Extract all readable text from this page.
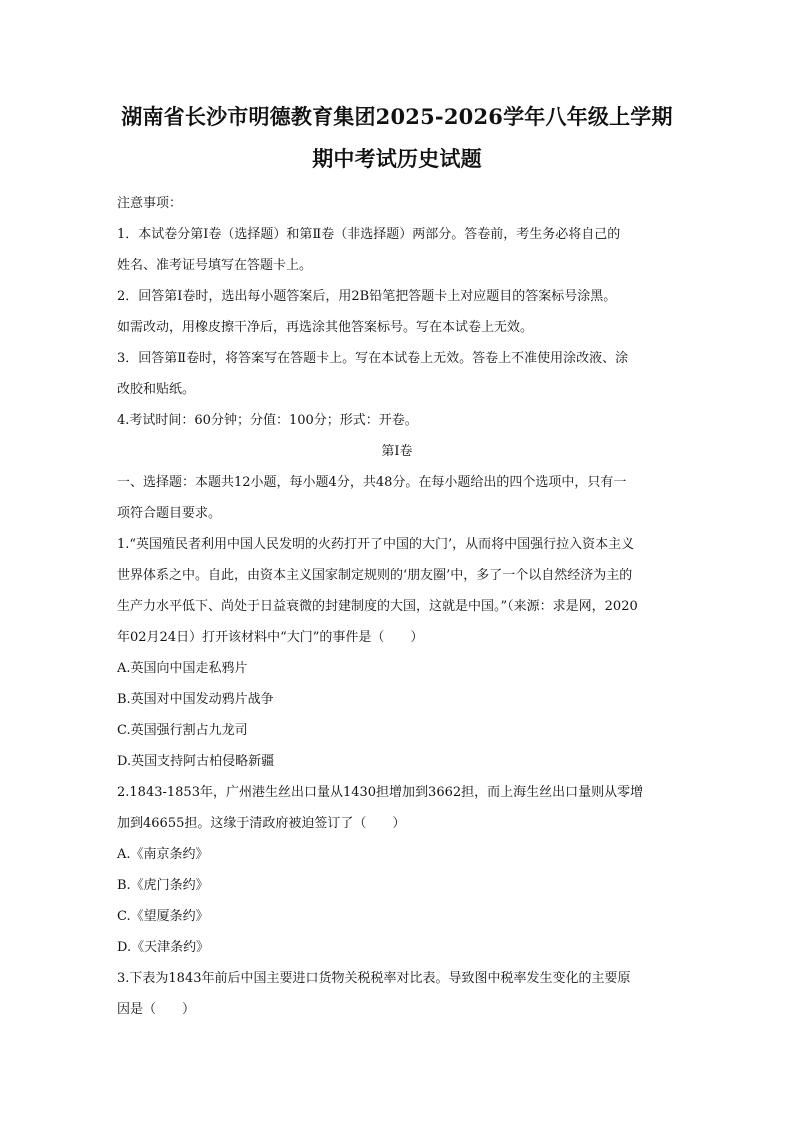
湖南省长沙市明德教育集团2025-2026学年八年级上学期
期中考试历史试题
注意事项：
1．本试卷分第Ⅰ卷（选择题）和第Ⅱ卷（非选择题）两部分。答卷前，考生务必将自己的
姓名、准考证号填写在答题卡上。
2．回答第Ⅰ卷时，选出每小题答案后，用2B铅笔把答题卡上对应题目的答案标号涂黑。
如需改动，用橡皮擦干净后，再选涂其他答案标号。写在本试卷上无效。
3．回答第Ⅱ卷时，将答案写在答题卡上。写在本试卷上无效。答卷上不准使用涂改液、涂
改胶和贴纸。
4.考试时间：60分钟；分值：100分；形式：开卷。
第Ⅰ卷
一、选择题：本题共12小题，每小题4分，共48分。在每小题给出的四个选项中，只有一
项符合题目要求。
1.“英国殖民者利用中国人民发明的火药打开了中国的大门’，从而将中国强行拉入资本主义
世界体系之中。自此，由资本主义国家制定规则的‘朋友圈’中，多了一个以自然经济为主的
生产力水平低下、尚处于日益衰微的封建制度的大国，这就是中国。”（来源：求是网，2020
年02月24日）打开该材料中“大门”的事件是（　　）
A.英国向中国走私鸦片
B.英国对中国发动鸦片战争
C.英国强行割占九龙司
D.英国支持阿古柏侵略新疆
2.1843-1853年，广州港生丝出口量从1430担增加到3662担，而上海生丝出口量则从零增
加到46655担。这缘于清政府被迫签订了（　　）
A.《南京条约》
B.《虎门条约》
C.《望厦条约》
D.《天津条约》
3.下表为1843年前后中国主要进口货物关税税率对比表。导致图中税率发生变化的主要原
因是（　　）
